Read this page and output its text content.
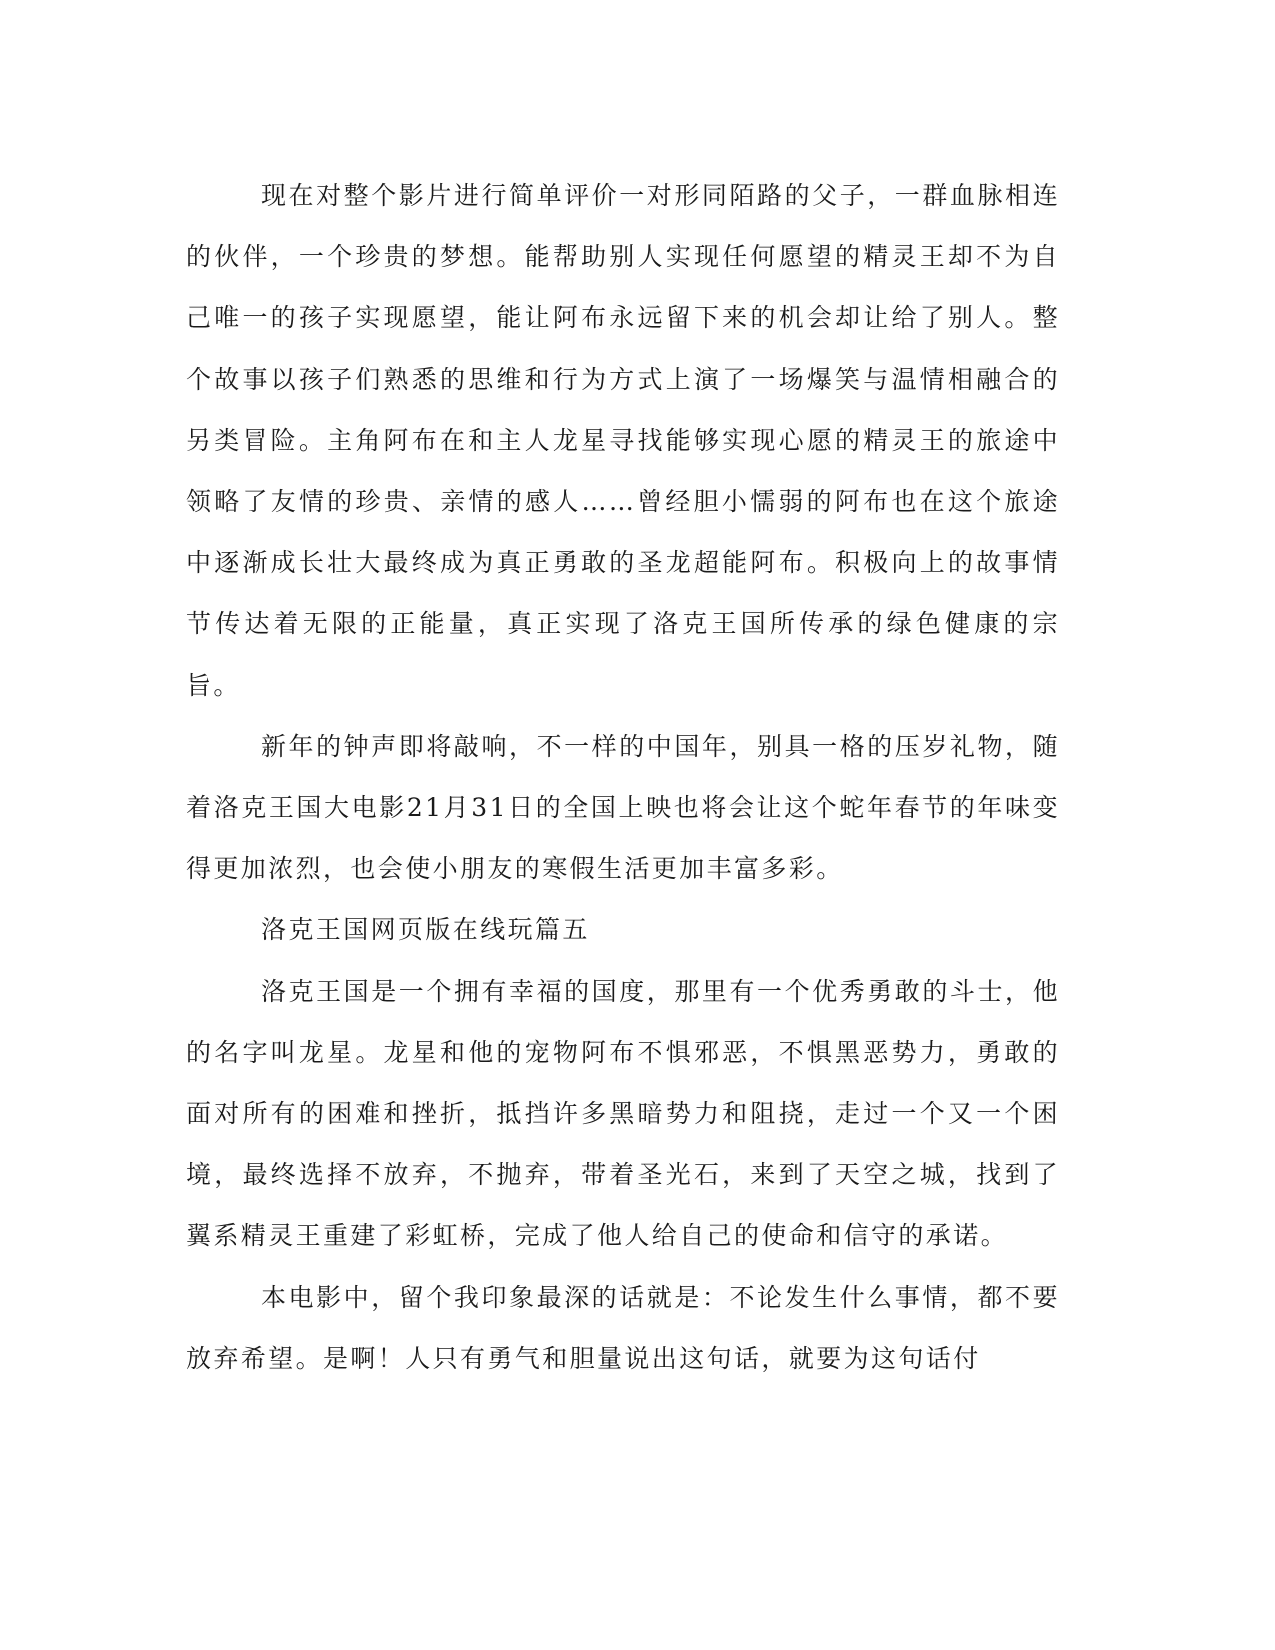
现在对整个影片进行简单评价一对形同陌路的父子，一群血脉相连的伙伴，一个珍贵的梦想。能帮助别人实现任何愿望的精灵王却不为自己唯一的孩子实现愿望，能让阿布永远留下来的机会却让给了别人。整个故事以孩子们熟悉的思维和行为方式上演了一场爆笑与温情相融合的另类冒险。主角阿布在和主人龙星寻找能够实现心愿的精灵王的旅途中领略了友情的珍贵、亲情的感人……曾经胆小懦弱的阿布也在这个旅途中逐渐成长壮大最终成为真正勇敢的圣龙超能阿布。积极向上的故事情节传达着无限的正能量，真正实现了洛克王国所传承的绿色健康的宗旨。

新年的钟声即将敲响，不一样的中国年，别具一格的压岁礼物，随着洛克王国大电影21月31日的全国上映也将会让这个蛇年春节的年味变得更加浓烈，也会使小朋友的寒假生活更加丰富多彩。

洛克王国网页版在线玩篇五

洛克王国是一个拥有幸福的国度，那里有一个优秀勇敢的斗士，他的名字叫龙星。龙星和他的宠物阿布不惧邪恶，不惧黑恶势力，勇敢的面对所有的困难和挫折，抵挡许多黑暗势力和阻挠，走过一个又一个困境，最终选择不放弃，不抛弃，带着圣光石，来到了天空之城，找到了翼系精灵王重建了彩虹桥，完成了他人给自己的使命和信守的承诺。

本电影中，留个我印象最深的话就是：不论发生什么事情，都不要放弃希望。是啊！人只有勇气和胆量说出这句话，就要为这句话付
